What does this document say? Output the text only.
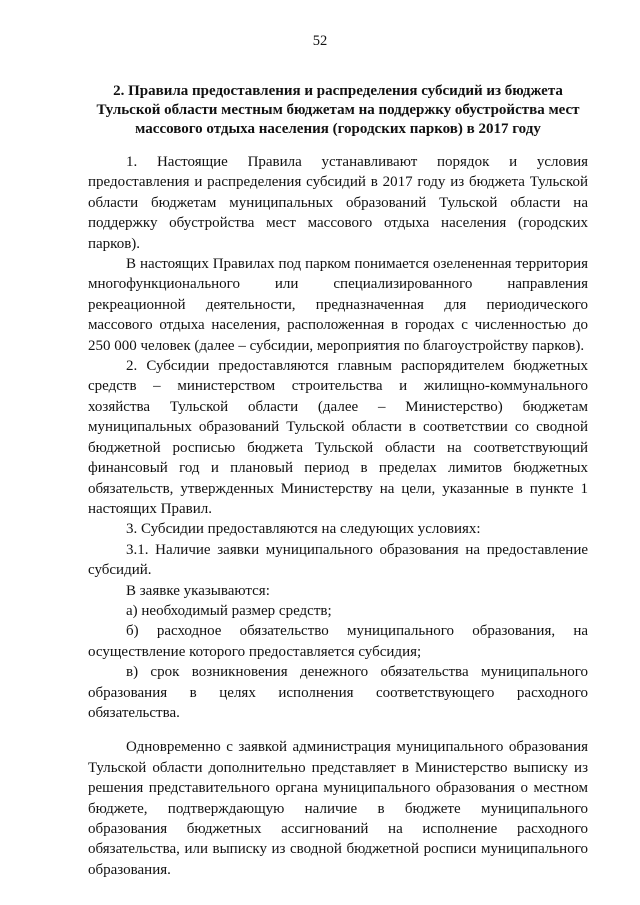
52
2. Правила предоставления и распределения субсидий из бюджета Тульской области местным бюджетам на поддержку обустройства мест массового отдыха населения (городских парков) в 2017 году

1. Настоящие Правила устанавливают порядок и условия предоставления и распределения субсидий в 2017 году из бюджета Тульской области бюджетам муниципальных образований Тульской области на поддержку обустройства мест массового отдыха населения (городских парков).

В настоящих Правилах под парком понимается озелененная территория многофункционального или специализированного направления рекреационной деятельности, предназначенная для периодического массового отдыха населения, расположенная в городах с численностью до 250 000 человек (далее – субсидии, мероприятия по благоустройству парков).

2. Субсидии предоставляются главным распорядителем бюджетных средств – министерством строительства и жилищно-коммунального хозяйства Тульской области (далее – Министерство) бюджетам муниципальных образований Тульской области в соответствии со сводной бюджетной росписью бюджета Тульской области на соответствующий финансовый год и плановый период в пределах лимитов бюджетных обязательств, утвержденных Министерству на цели, указанные в пункте 1 настоящих Правил.

3. Субсидии предоставляются на следующих условиях:

3.1. Наличие заявки муниципального образования на предоставление субсидий.

В заявке указываются:

а) необходимый размер средств;

б) расходное обязательство муниципального образования, на осуществление которого предоставляется субсидия;

в) срок возникновения денежного обязательства муниципального образования в целях исполнения соответствующего расходного обязательства.

Одновременно с заявкой администрация муниципального образования Тульской области дополнительно представляет в Министерство выписку из решения представительного органа муниципального образования о местном бюджете, подтверждающую наличие в бюджете муниципального образования бюджетных ассигнований на исполнение расходного обязательства, или выписку из сводной бюджетной росписи муниципального образования.
